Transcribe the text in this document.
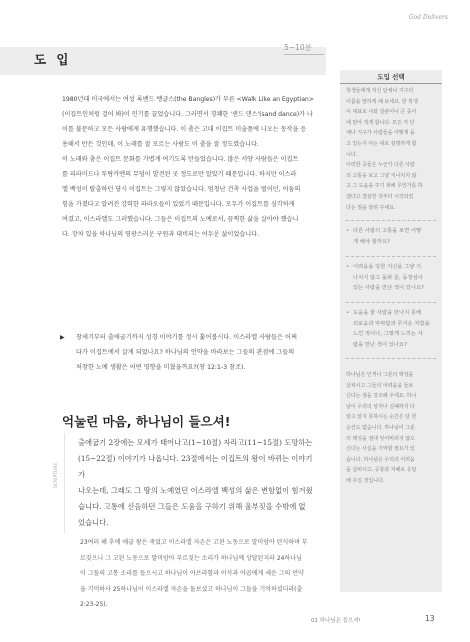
God Delivers
도 입
5~10분

1980년대 미국에서는 여성 록밴드 뱅글스(the Bangles)가 부른 <Walk Like an Egyptian>

(이집트인처럼 걸어 봐)이 인기를 끌었습니다. 그러면서 경쾌한 '샌드 댄스'(sand dance)가 나

이를 불문하고 모든 사람에게 유행했습니다. 이 춤은 고대 이집트 미술품에 나오는 동작을 응

용해서 만든 것인데, 이 노래를 잘 모르는 사람도 이 춤을 잘 정도였습니다.

이 노래와 춤은 이집트 문화를 가볍게 여기도록 만들었습니다. 많은 서양 사람들은 이집트

를 피라미드나 투탕카멘의 무덤이 발견된 곳 정도로만 알았기 때문입니다. 하지만 이스라

엘 백성이 탈출하던 당시 이집트는 그렇지 않았습니다. 엄청난 건축 사업을 벌이던, 어둠의

힘을 가졌다고 알려진 강력한 파라오들이 있었기 때문입니다. 모두가 이집트를 심각하게

여겼고, 이스라엘도 그러했습니다. 그들은 이집트의 노예로서, 끔찍한 삶을 살아야 했습니

다. 장차 있을 하나님의 영광스러운 구원과 대비되는 어두운 삶이었습니다.

▶ 창세기부터 출애굽기까지 성경 이야기를 정시 훑어봅시다. 이스라엘 사람들은 어쩌

다가 이집트에서 살게 되었나요? 하나님의 언약을 바라보는 그들의 관점에 그들의

처참한 노예 생활은 어떤 영향을 미쳤을까요?(창 12:1-3 참조).

억눌린 마음, 하나님이 들으셔!
SCRIPTURE

출애굽기 2장에는 모세가 태어나고(1~10절) 자라고(11~15절) 도망하는

(15~22절) 이야기가 나옵니다. 23절에서는 이집트의 왕이 바뀌는 이야기가

나오는데, 그래도 그 땅의 노예였던 이스라엘 백성의 삶은 변함없이 힘겨웠

습니다. 고통에 신음하던 그들은 도움을 구하기 위해 울부짖을 수밖에 없

었습니다.

23여러 해 후에 애굽 왕은 죽었고 이스라엘 자손은 고된 노동으로 말미암아 탄식하며 부

르짖으니 그 고된 노동으로 말미암아 부르짖는 소리가 하나님께 상달된지라 24하나님

이 그들의 고통 소리를 들으시고 하나님이 아브라함과 이삭과 야곱에게 세운 그의 언약

을 기억하사 25하나님이 이스라엘 자손을 돌보셨고 하나님이 그들을 기억하셨더라(출

2:23-25).

도입 선택

학생들에게 자신 단체나 기구의

이름을 말하게 해 보세요. 한 학생

이 대표로 나와 칠판이나 큰 종이

에 받아 적게 합니다. 모든 각 단

체나 기구가 사람들을 어떻게 돕

고 있는지 아는 대로 설명하게 합

니다.

이러한 곳들은 누군가 다른 사람

의 고통을 보고 그냥 지나치지 않

고 그 도움을 주기 위해 무언가를 하

겠다고 결심한 것부터 시작되었

다는 점을 알려 주세요.

• 다른 사람의 고통을 보면 어떻

게 해야 할까요?

• 어려움을 당한 지신을 그냥 지

나치지 않고 돌봐 준, 동정심이

있는 사람을 만난 적이 있나요?

• 도움을 줄 사람을 만나지 못해

외로움과 막막함과 무거운 처함을

느낀 적이나, 그렇게 느끼는 사

람을 만난 적이 있나요?

하나님은 인격나 그분의 백성을

살피시고 그들의 어려움을 들보

신다는 점을 강조해 주세요. 하나

님이 우리의 상처나 실패까지 다

알고 알지 못하시는 순간은 단 한

순간도 없습니다. 하나님이 그분

의 백성을 절대 잊어버리지 않으

신다는 사실을 기억할 필요가 있

습니다. 하나님은 우리의 어려움

을 살피시고, 공룡과 지혜로 응답

해 주실 것입니다.

01 하나님은 들으셔!	13
